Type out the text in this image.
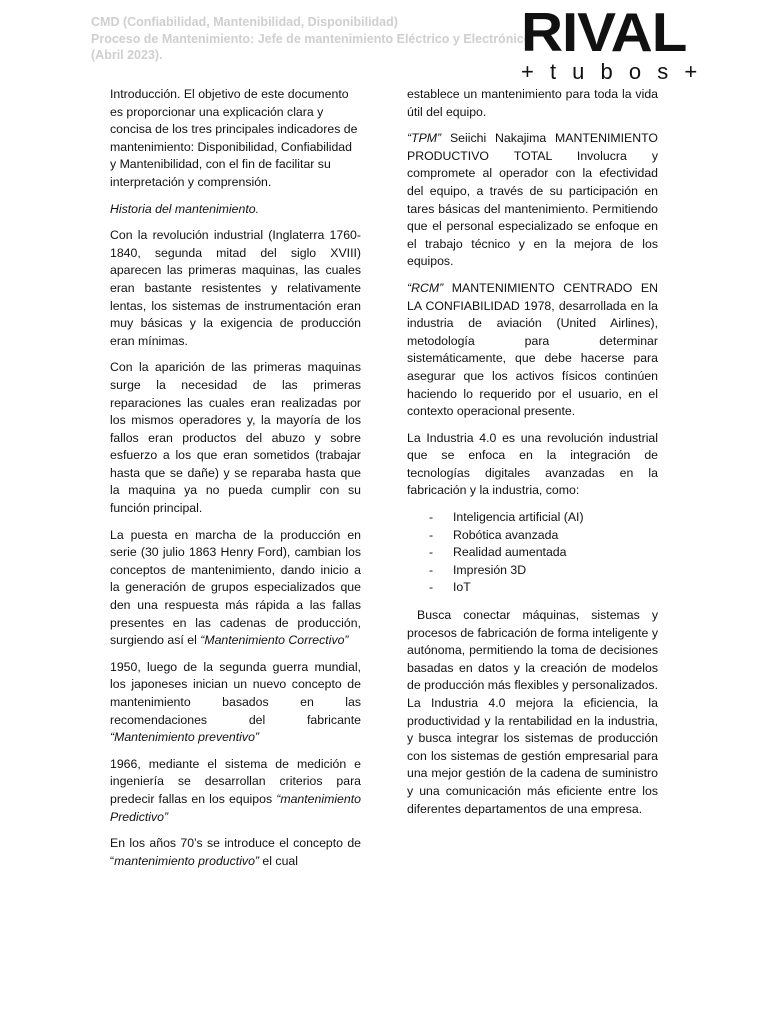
CMD (Confiabilidad, Mantenibilidad, Disponibilidad)
Proceso de Mantenimiento: Jefe de mantenimiento Eléctrico y Electrónico
(Abril 2023).	RIVAL
+ t u b o s +

Introducción. El objetivo de este documento es proporcionar una explicación clara y concisa de los tres principales indicadores de mantenimiento: Disponibilidad, Confiabilidad y Mantenibilidad, con el fin de facilitar su interpretación y comprensión.

Historia del mantenimiento.

Con la revolución industrial (Inglaterra 1760-1840, segunda mitad del siglo XVIII) aparecen las primeras maquinas, las cuales eran bastante resistentes y relativamente lentas, los sistemas de instrumentación eran muy básicas y la exigencia de producción eran mínimas.

Con la aparición de las primeras maquinas surge la necesidad de las primeras reparaciones las cuales eran realizadas por los mismos operadores y, la mayoría de los fallos eran productos del abuzo y sobre esfuerzo a los que eran sometidos (trabajar hasta que se dañe) y se reparaba hasta que la maquina ya no pueda cumplir con su función principal.

La puesta en marcha de la producción en serie (30 julio 1863 Henry Ford), cambian los conceptos de mantenimiento, dando inicio a la generación de grupos especializados que den una respuesta más rápida a las fallas presentes en las cadenas de producción, surgiendo así el “Mantenimiento Correctivo”

1950, luego de la segunda guerra mundial, los japoneses inician un nuevo concepto de mantenimiento basados en las recomendaciones del fabricante “Mantenimiento preventivo”

1966, mediante el sistema de medición e ingeniería se desarrollan criterios para predecir fallas en los equipos “mantenimiento Predictivo”

En los años 70’s se introduce el concepto de “mantenimiento productivo” el cual

establece un mantenimiento para toda la vida útil del equipo.

“TPM” Seiichi Nakajima MANTENIMIENTO PRODUCTIVO TOTAL Involucra y compromete al operador con la efectividad del equipo, a través de su participación en tares básicas del mantenimiento. Permitiendo que el personal especializado se enfoque en el trabajo técnico y en la mejora de los equipos.

“RCM” MANTENIMIENTO CENTRADO EN LA CONFIABILIDAD 1978, desarrollada en la industria de aviación (United Airlines), metodología para determinar sistemáticamente, que debe hacerse para asegurar que los activos físicos continúen haciendo lo requerido por el usuario, en el contexto operacional presente.

La Industria 4.0 es una revolución industrial que se enfoca en la integración de tecnologías digitales avanzadas en la fabricación y la industria, como:

- Inteligencia artificial (AI)
- Robótica avanzada
- Realidad aumentada
- Impresión 3D
- IoT

Busca conectar máquinas, sistemas y procesos de fabricación de forma inteligente y autónoma, permitiendo la toma de decisiones basadas en datos y la creación de modelos de producción más flexibles y personalizados. La Industria 4.0 mejora la eficiencia, la productividad y la rentabilidad en la industria, y busca integrar los sistemas de producción con los sistemas de gestión empresarial para una mejor gestión de la cadena de suministro y una comunicación más eficiente entre los diferentes departamentos de una empresa.
